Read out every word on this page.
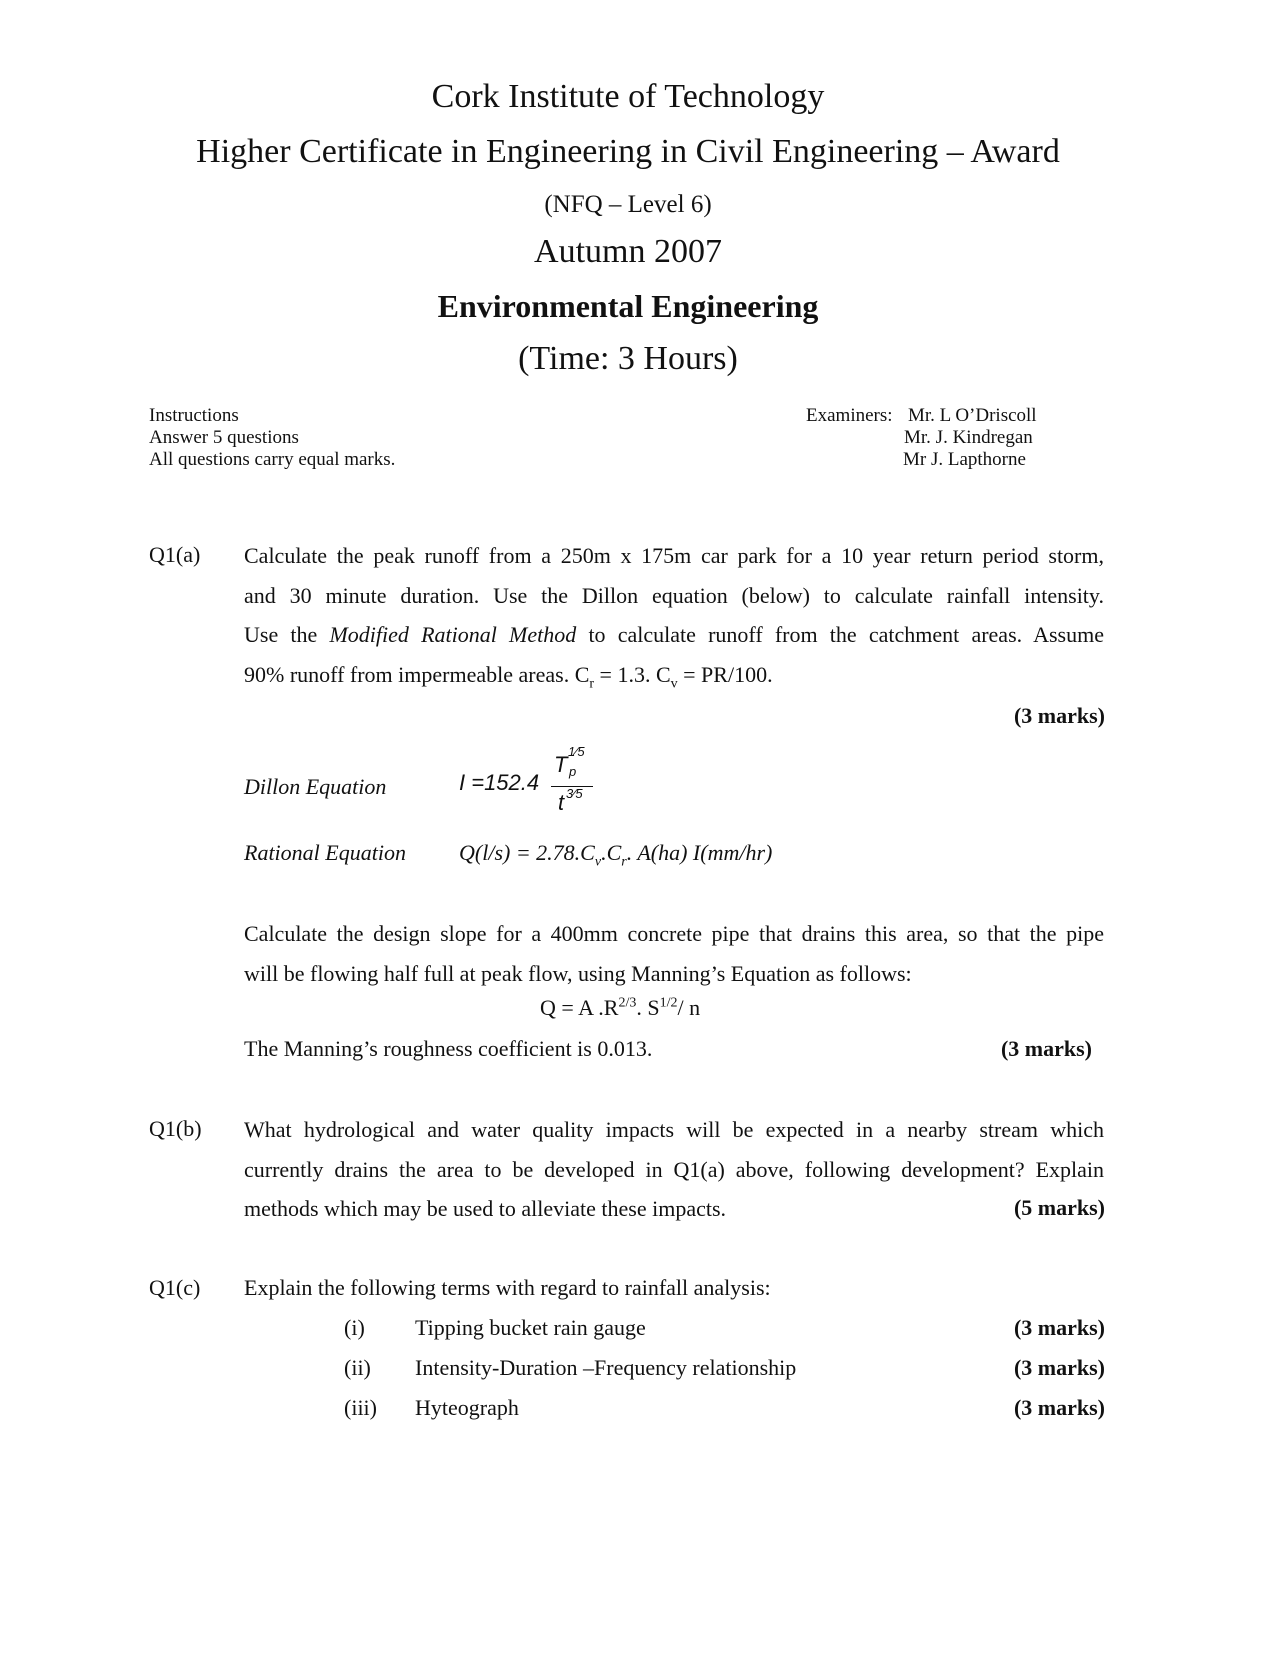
Cork Institute of Technology
Higher Certificate in Engineering in Civil Engineering – Award
(NFQ – Level 6)
Autumn 2007
Environmental Engineering
(Time: 3 Hours)
Instructions
Answer 5 questions
All questions carry equal marks.
Examiners: Mr. L O’Driscoll
Mr. J. Kindregan
Mr J. Lapthorne
Q1(a) Calculate the peak runoff from a 250m x 175m car park for a 10 year return period storm,
and 30 minute duration. Use the Dillon equation (below) to calculate rainfall intensity.
Use the Modified Rational Method to calculate runoff from the catchment areas. Assume
90% runoff from impermeable areas. $C_r = 1.3$. $C_v = PR/100$.
(3 marks)
Dillon Equation	I =152.4
T
1⁄5
p
t 3⁄5
Rational Equation $Q(l/s) = 2.78.C_v.C_r$. A(ha) I(mm/hr)
Calculate the design slope for a 400mm concrete pipe that drains this area, so that the pipe
will be flowing half full at peak flow, using Manning’s Equation as follows:
Q = A $.R^{2/3}$. $S^{1/2}/$ n
The Manning’s roughness coefficient is 0.013.	(3 marks)
Q1(b) What hydrological and water quality impacts will be expected in a nearby stream which
currently drains the area to be developed in Q1(a) above, following development? Explain
methods which may be used to alleviate these impacts.	(5 marks)
Q1(c) Explain the following terms with regard to rainfall analysis:
(i) Tipping bucket rain gauge	(3 marks)
(ii) Intensity-Duration –Frequency relationship	(3 marks)
(iii) Hyteograph	(3 marks)
